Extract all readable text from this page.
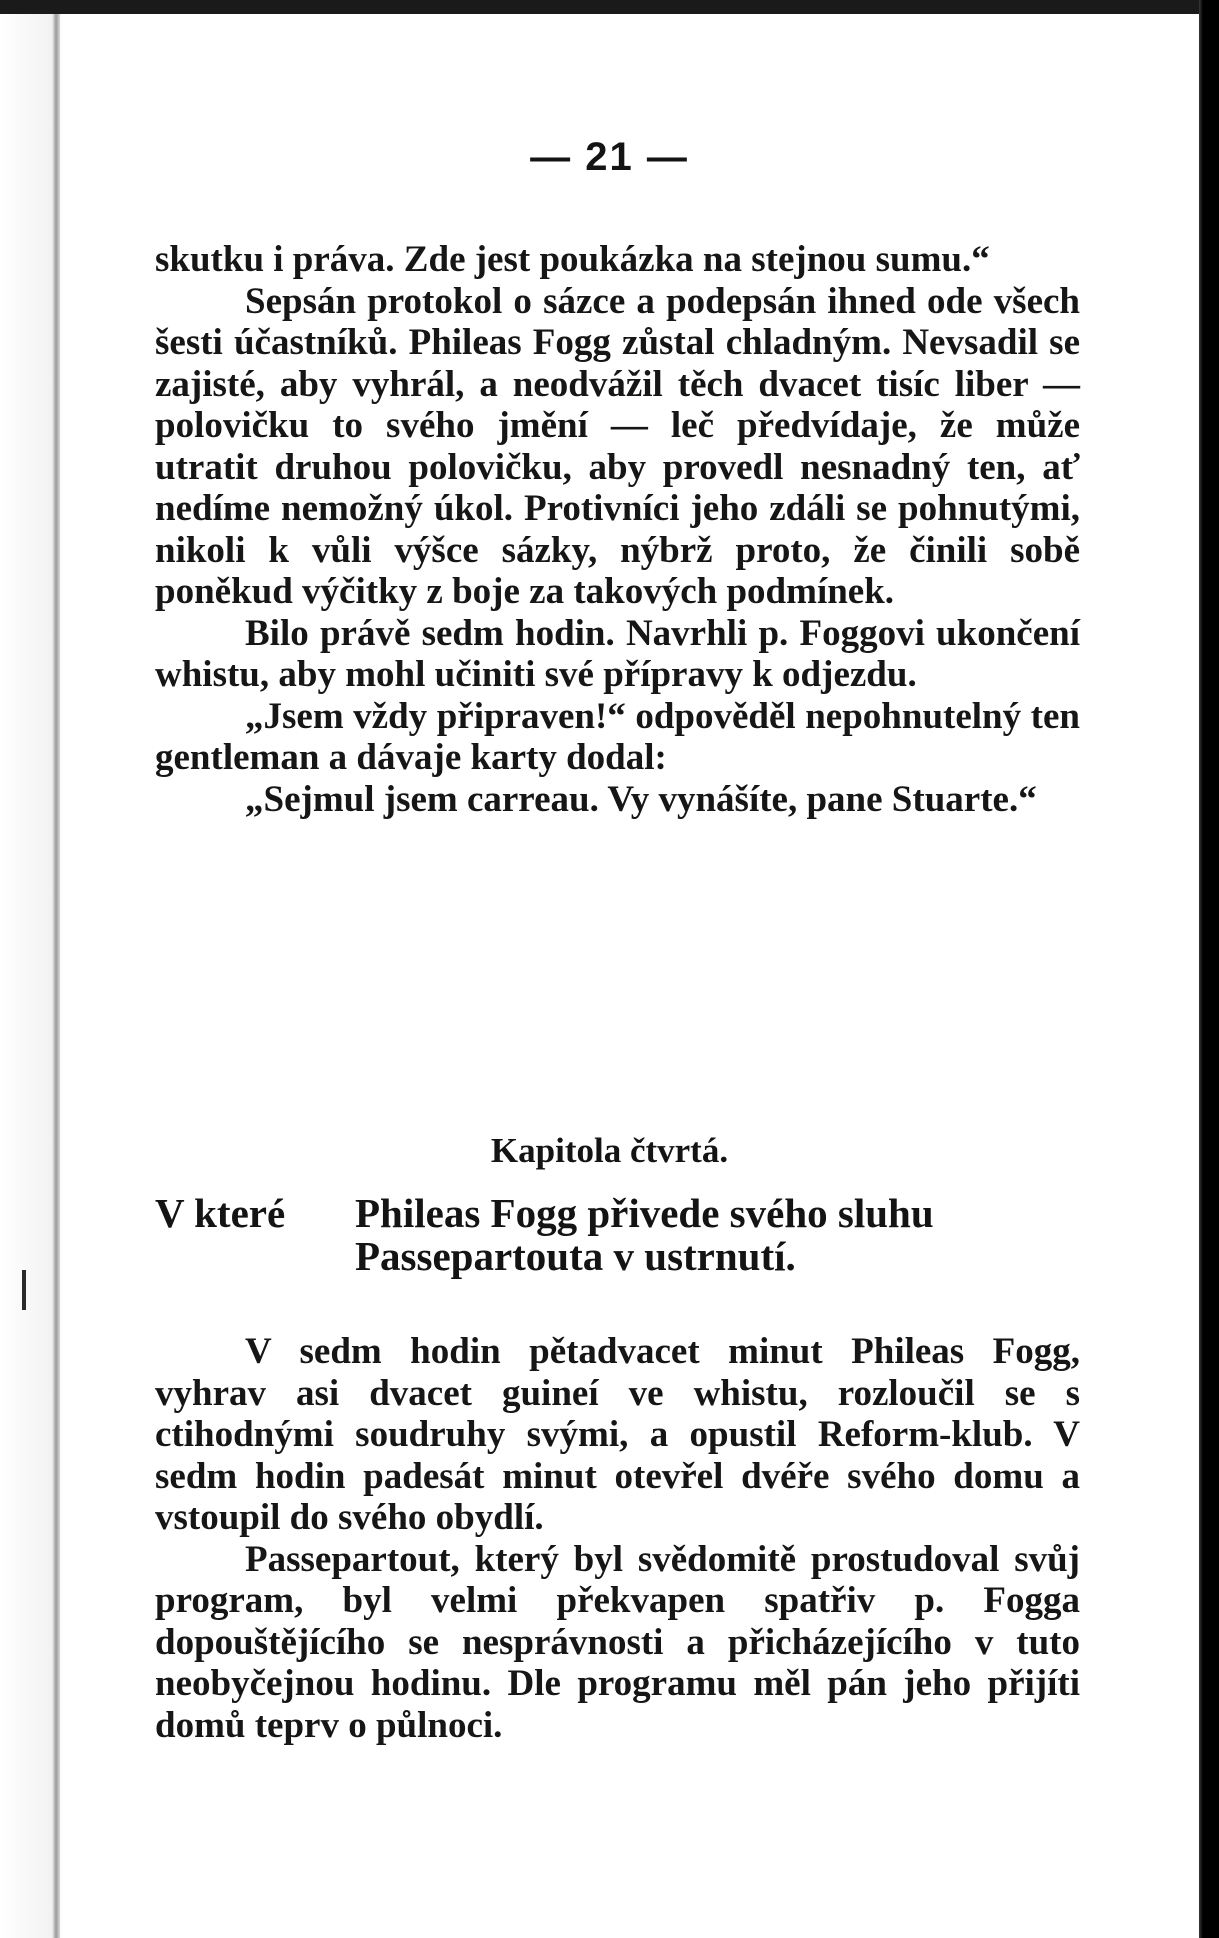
— 21 —

skutku i práva. Zde jest poukázka na stejnou sumu.“

Sepsán protokol o sázce a podepsán ihned ode všech šesti účastníků. Phileas Fogg zůstal chladným. Nevsadil se zajisté, aby vyhrál, a neodvážil těch dvacet tisíc liber — polovičku to svého jmění — leč předvídaje, že může utratit druhou polovičku, aby provedl nesnadný ten, ať nedíme nemožný úkol. Protivníci jeho zdáli se pohnutými, nikoli k vůli výšce sázky, nýbrž proto, že činili sobě poněkud výčitky z boje za takových podmínek.

Bilo právě sedm hodin. Navrhli p. Foggovi ukončení whistu, aby mohl učiniti své přípravy k odjezdu.

„Jsem vždy připraven!“ odpověděl nepohnutelný ten gentleman a dávaje karty dodal:

„Sejmul jsem carreau. Vy vynášíte, pane Stuarte.“

Kapitola čtvrtá.
V které	Phileas Fogg přivede svého sluhu
Passepartouta v ustrnutí.

V sedm hodin pětadvacet minut Phileas Fogg, vyhrav asi dvacet guineí ve whistu, rozloučil se s ctihodnými soudruhy svými, a opustil Reform-klub. V sedm hodin padesát minut otevřel dvéře svého domu a vstoupil do svého obydlí.

Passepartout, který byl svědomitě prostudoval svůj program, byl velmi překvapen spatřiv p. Fogga dopouštějícího se nesprávnosti a přicházejícího v tuto neobyčejnou hodinu. Dle programu měl pán jeho přijíti domů teprv o půlnoci.
